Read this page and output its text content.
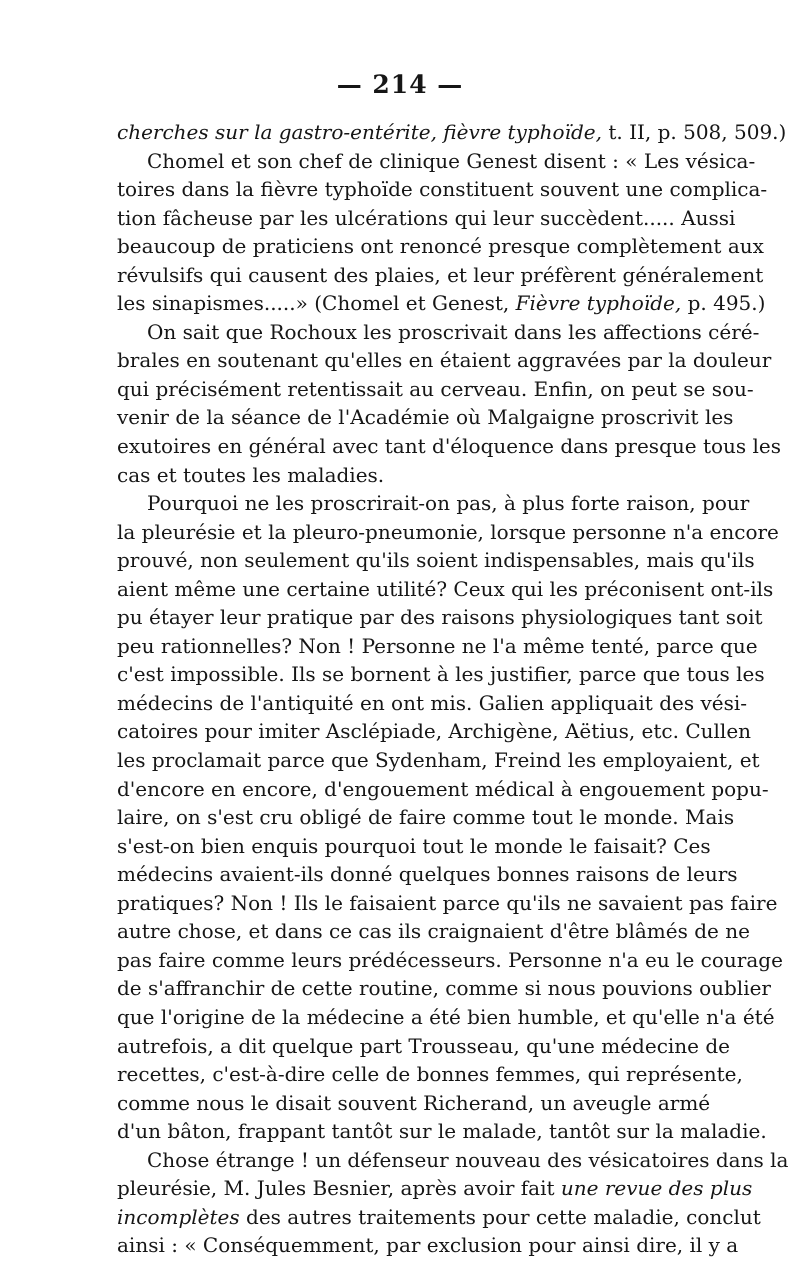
— 214 —
cherches sur la gastro-entérite, fièvre typhoïde, t. II, p. 508, 509.)
Chomel et son chef de clinique Genest disent : « Les vésica-
toires dans la fièvre typhoïde constituent souvent une complica-
tion fâcheuse par les ulcérations qui leur succèdent..... Aussi
beaucoup de praticiens ont renoncé presque complètement aux
révulsifs qui causent des plaies, et leur préfèrent généralement
les sinapismes.....» (Chomel et Genest, Fièvre typhoïde, p. 495.)
On sait que Rochoux les proscrivait dans les affections céré-
brales en soutenant qu'elles en étaient aggravées par la douleur
qui précisément retentissait au cerveau. Enfin, on peut se sou-
venir de la séance de l'Académie où Malgaigne proscrivit les
exutoires en général avec tant d'éloquence dans presque tous les
cas et toutes les maladies.
Pourquoi ne les proscrirait-on pas, à plus forte raison, pour
la pleurésie et la pleuro-pneumonie, lorsque personne n'a encore
prouvé, non seulement qu'ils soient indispensables, mais qu'ils
aient même une certaine utilité? Ceux qui les préconisent ont-ils
pu étayer leur pratique par des raisons physiologiques tant soit
peu rationnelles? Non ! Personne ne l'a même tenté, parce que
c'est impossible. Ils se bornent à les justifier, parce que tous les
médecins de l'antiquité en ont mis. Galien appliquait des vési-
catoires pour imiter Asclépiade, Archigène, Aëtius, etc. Cullen
les proclamait parce que Sydenham, Freind les employaient, et
d'encore en encore, d'engouement médical à engouement popu-
laire, on s'est cru obligé de faire comme tout le monde. Mais
s'est-on bien enquis pourquoi tout le monde le faisait? Ces
médecins avaient-ils donné quelques bonnes raisons de leurs
pratiques? Non ! Ils le faisaient parce qu'ils ne savaient pas faire
autre chose, et dans ce cas ils craignaient d'être blâmés de ne
pas faire comme leurs prédécesseurs. Personne n'a eu le courage
de s'affranchir de cette routine, comme si nous pouvions oublier
que l'origine de la médecine a été bien humble, et qu'elle n'a été
autrefois, a dit quelque part Trousseau, qu'une médecine de
recettes, c'est-à-dire celle de bonnes femmes, qui représente,
comme nous le disait souvent Richerand, un aveugle armé
d'un bâton, frappant tantôt sur le malade, tantôt sur la maladie.
Chose étrange ! un défenseur nouveau des vésicatoires dans la
pleurésie, M. Jules Besnier, après avoir fait une revue des plus
incomplètes des autres traitements pour cette maladie, conclut
ainsi : « Conséquemment, par exclusion pour ainsi dire, il y a
